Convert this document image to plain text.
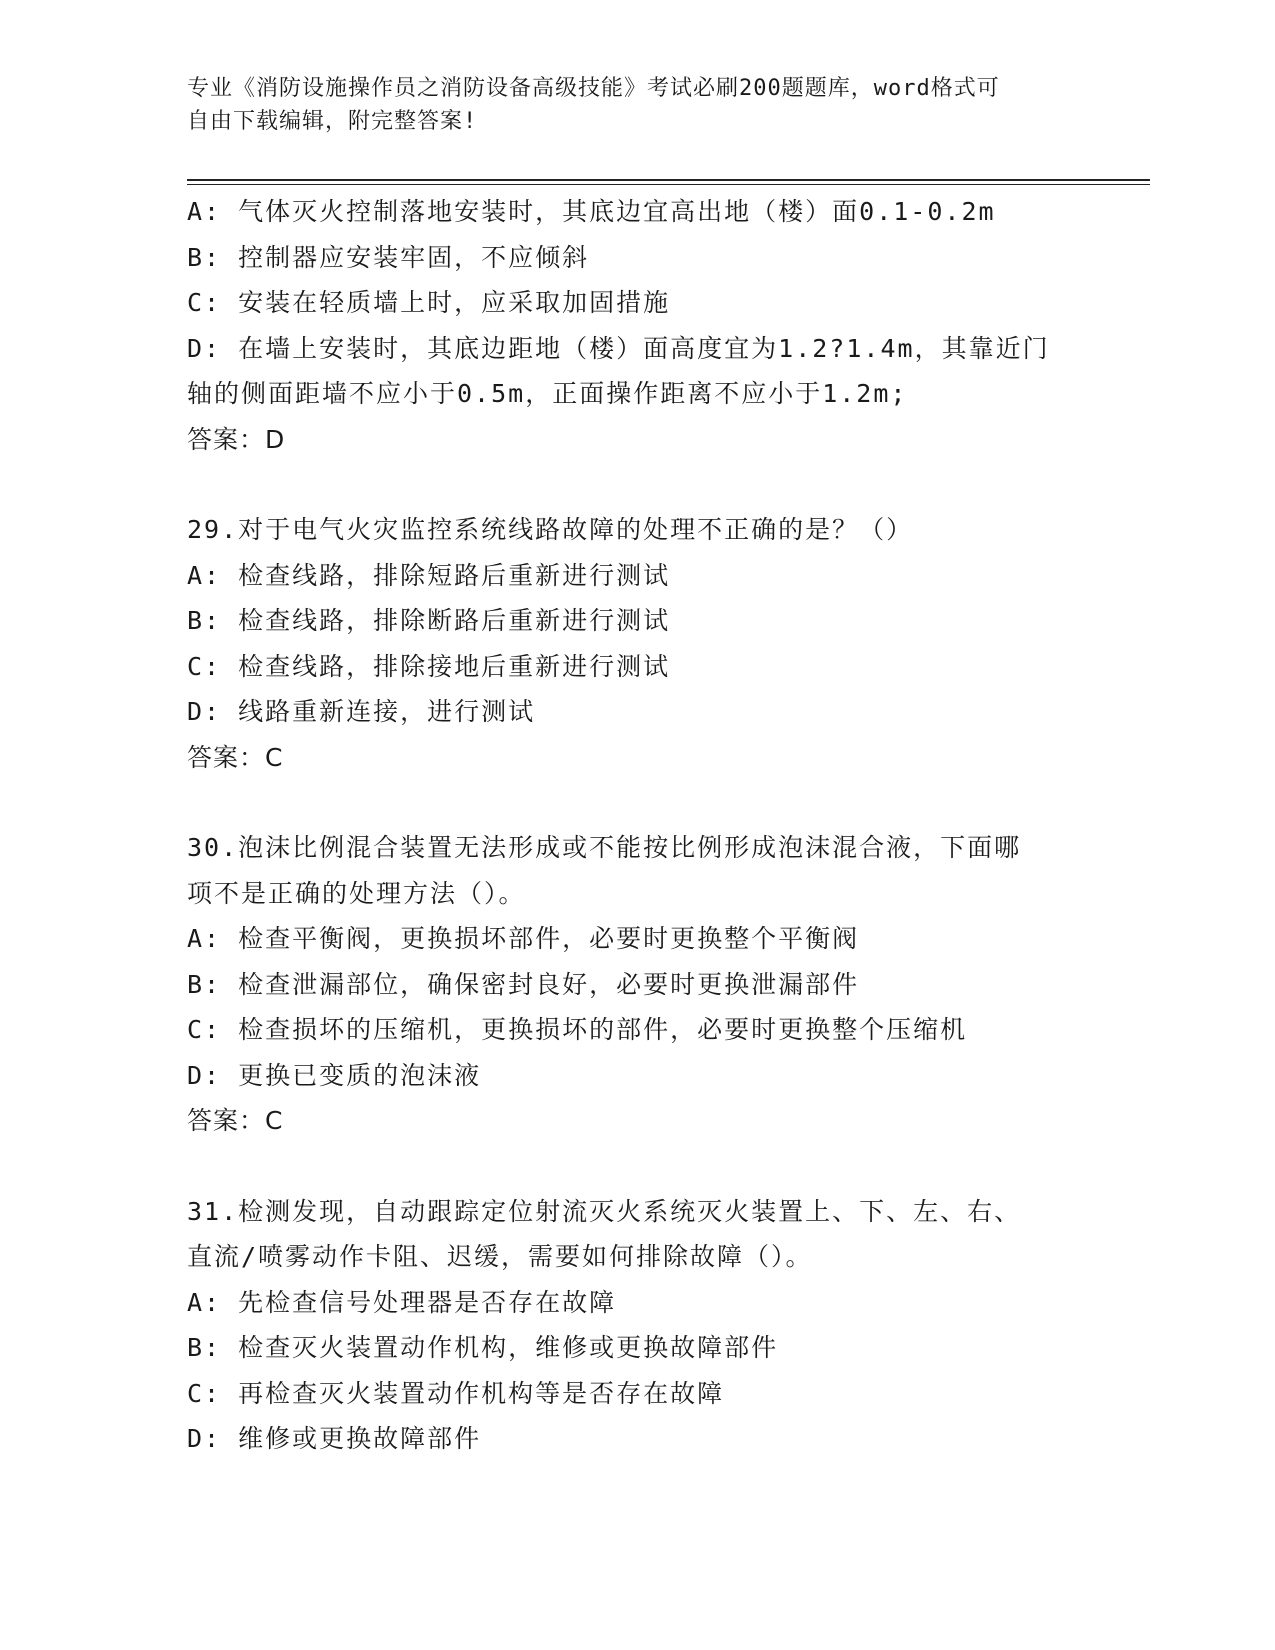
专业《消防设施操作员之消防设备高级技能》考试必刷200题题库，word格式可
自由下载编辑，附完整答案!
A: 气体灭火控制落地安装时，其底边宜高出地（楼）面0.1-0.2m
B: 控制器应安装牢固，不应倾斜
C: 安装在轻质墙上时，应采取加固措施
D: 在墙上安装时，其底边距地（楼）面高度宜为1.2?1.4m，其靠近门
轴的侧面距墙不应小于0.5m，正面操作距离不应小于1.2m;
答案：D
29.对于电气火灾监控系统线路故障的处理不正确的是？（）
A: 检查线路，排除短路后重新进行测试
B: 检查线路，排除断路后重新进行测试
C: 检查线路，排除接地后重新进行测试
D: 线路重新连接，进行测试
答案：C
30.泡沫比例混合装置无法形成或不能按比例形成泡沫混合液，下面哪
项不是正确的处理方法（）。
A: 检查平衡阀，更换损坏部件，必要时更换整个平衡阀
B: 检查泄漏部位，确保密封良好，必要时更换泄漏部件
C: 检查损坏的压缩机，更换损坏的部件，必要时更换整个压缩机
D: 更换已变质的泡沫液
答案：C
31.检测发现，自动跟踪定位射流灭火系统灭火装置上、下、左、右、
直流/喷雾动作卡阻、迟缓，需要如何排除故障（）。
A: 先检查信号处理器是否存在故障
B: 检查灭火装置动作机构，维修或更换故障部件
C: 再检查灭火装置动作机构等是否存在故障
D: 维修或更换故障部件
